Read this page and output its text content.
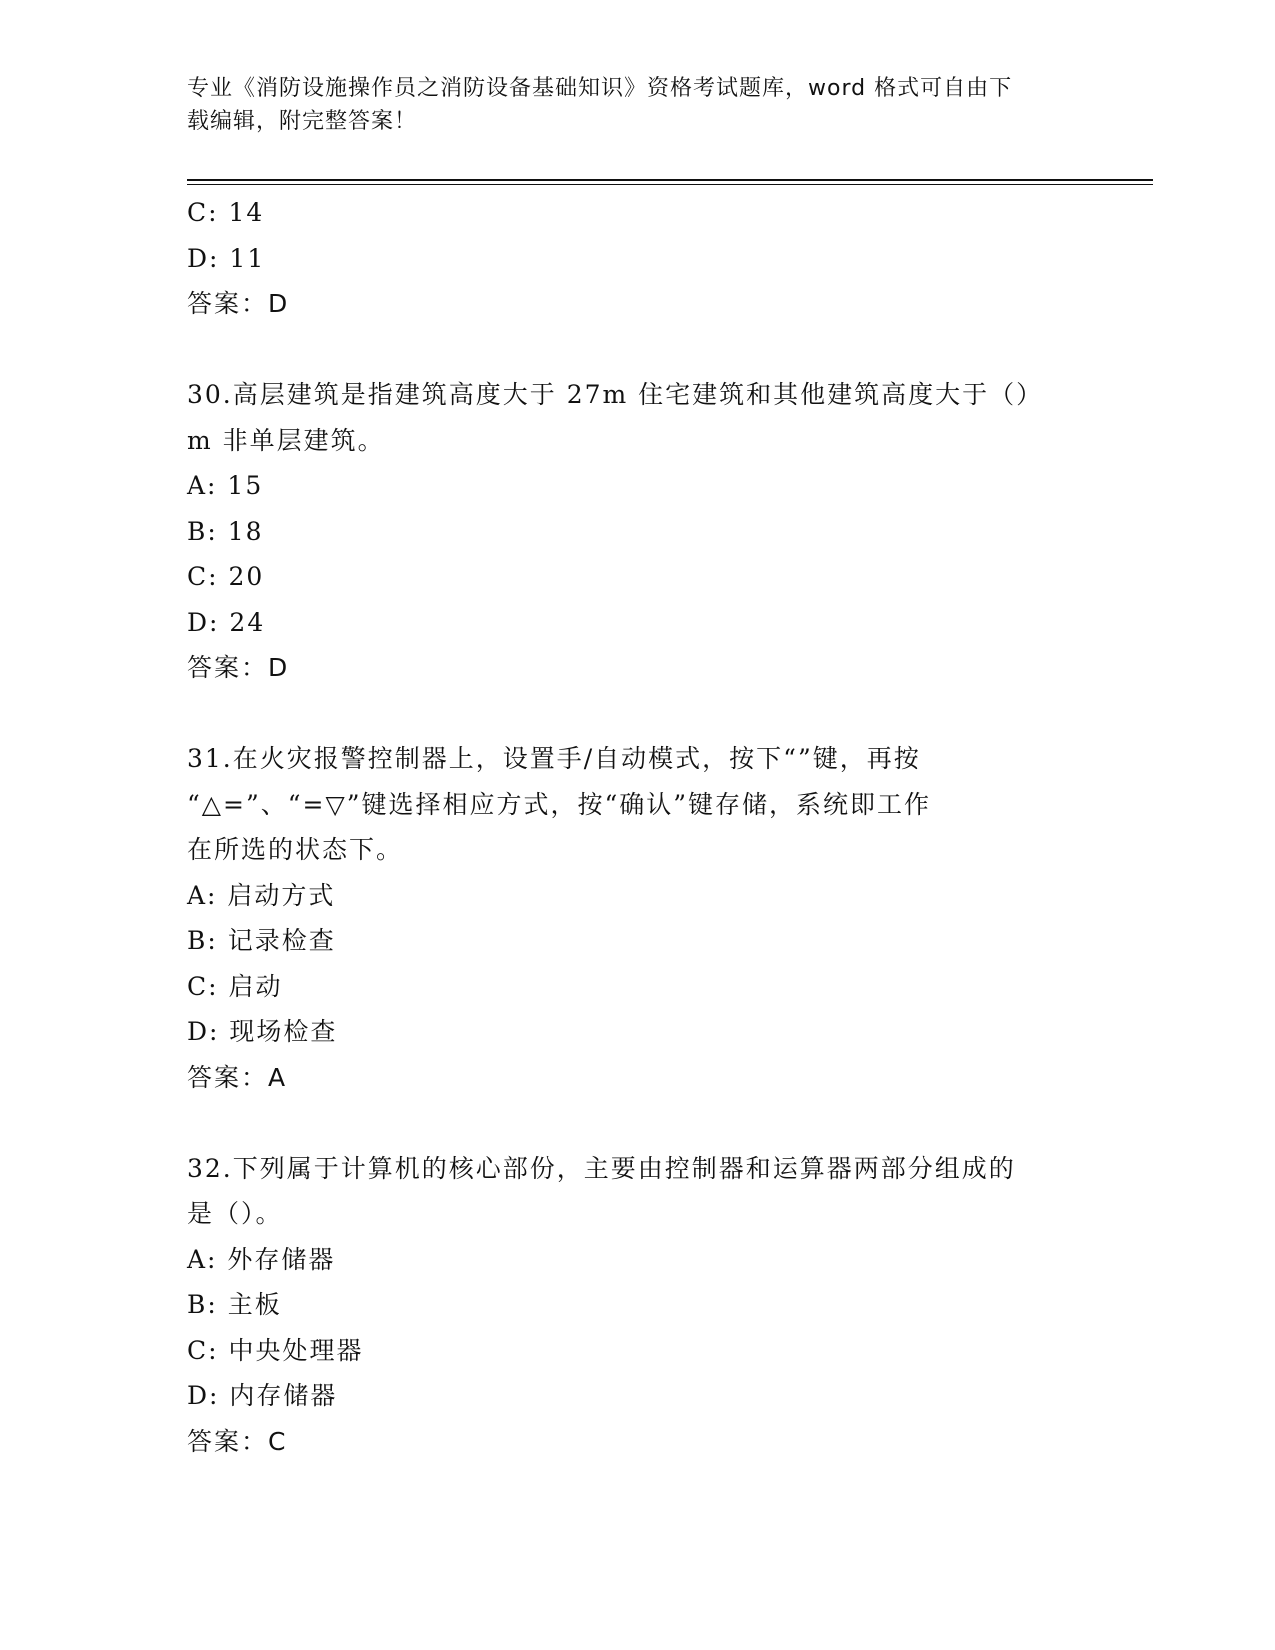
专业《消防设施操作员之消防设备基础知识》资格考试题库，word 格式可自由下
载编辑，附完整答案！
C: 14
D: 11
答案：D
30.高层建筑是指建筑高度大于 27m 住宅建筑和其他建筑高度大于（）
m 非单层建筑。
A: 15
B: 18
C: 20
D: 24
答案：D
31.在火灾报警控制器上，设置手/自动模式，按下“”键，再按
“△=”、“=▽”键选择相应方式，按“确认”键存储，系统即工作
在所选的状态下。
A: 启动方式
B: 记录检查
C: 启动
D: 现场检查
答案：A
32.下列属于计算机的核心部份，主要由控制器和运算器两部分组成的
是（）。
A: 外存储器
B: 主板
C: 中央处理器
D: 内存储器
答案：C
